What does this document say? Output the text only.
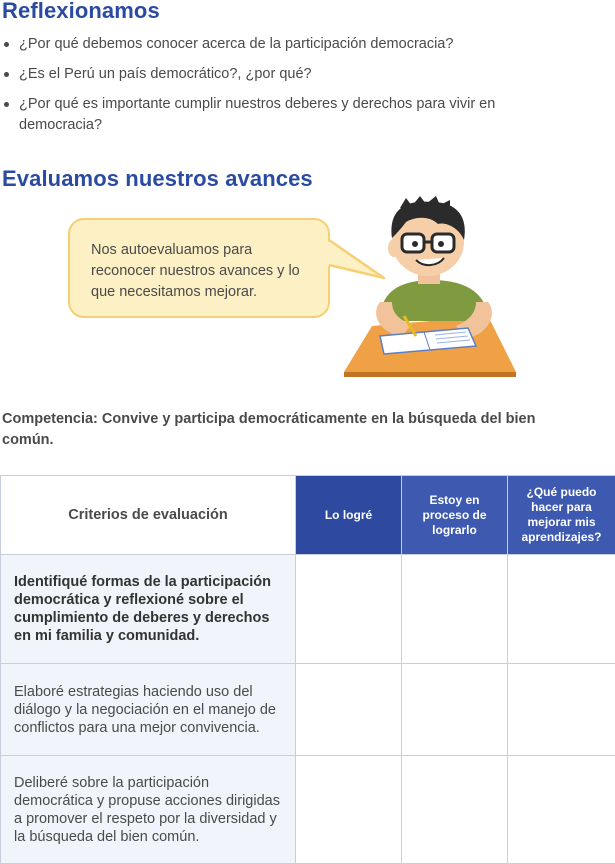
Reflexionamos
¿Por qué debemos conocer acerca de la participación democracia?
¿Es el Perú un país democrático?, ¿por qué?
¿Por qué es importante cumplir nuestros deberes y derechos para vivir en democracia?
Evaluamos nuestros avances
Nos autoevaluamos para reconocer nuestros avances y lo que necesitamos mejorar.
Competencia: Convive y participa democráticamente en la búsqueda del bien común.
Criterios de evaluación	Lo logré	Estoy en proceso de lograrlo	¿Qué puedo hacer para mejorar mis aprendizajes?
Identifiqué formas de la participación democrática y reflexioné sobre el cumplimiento de deberes y derechos en mi familia y comunidad.			
Elaboré estrategias haciendo uso del diálogo y la negociación en el manejo de conflictos para una mejor convivencia.			
Deliberé sobre la participación democrática y propuse acciones dirigidas a promover el respeto por la diversidad y la búsqueda del bien común.			
